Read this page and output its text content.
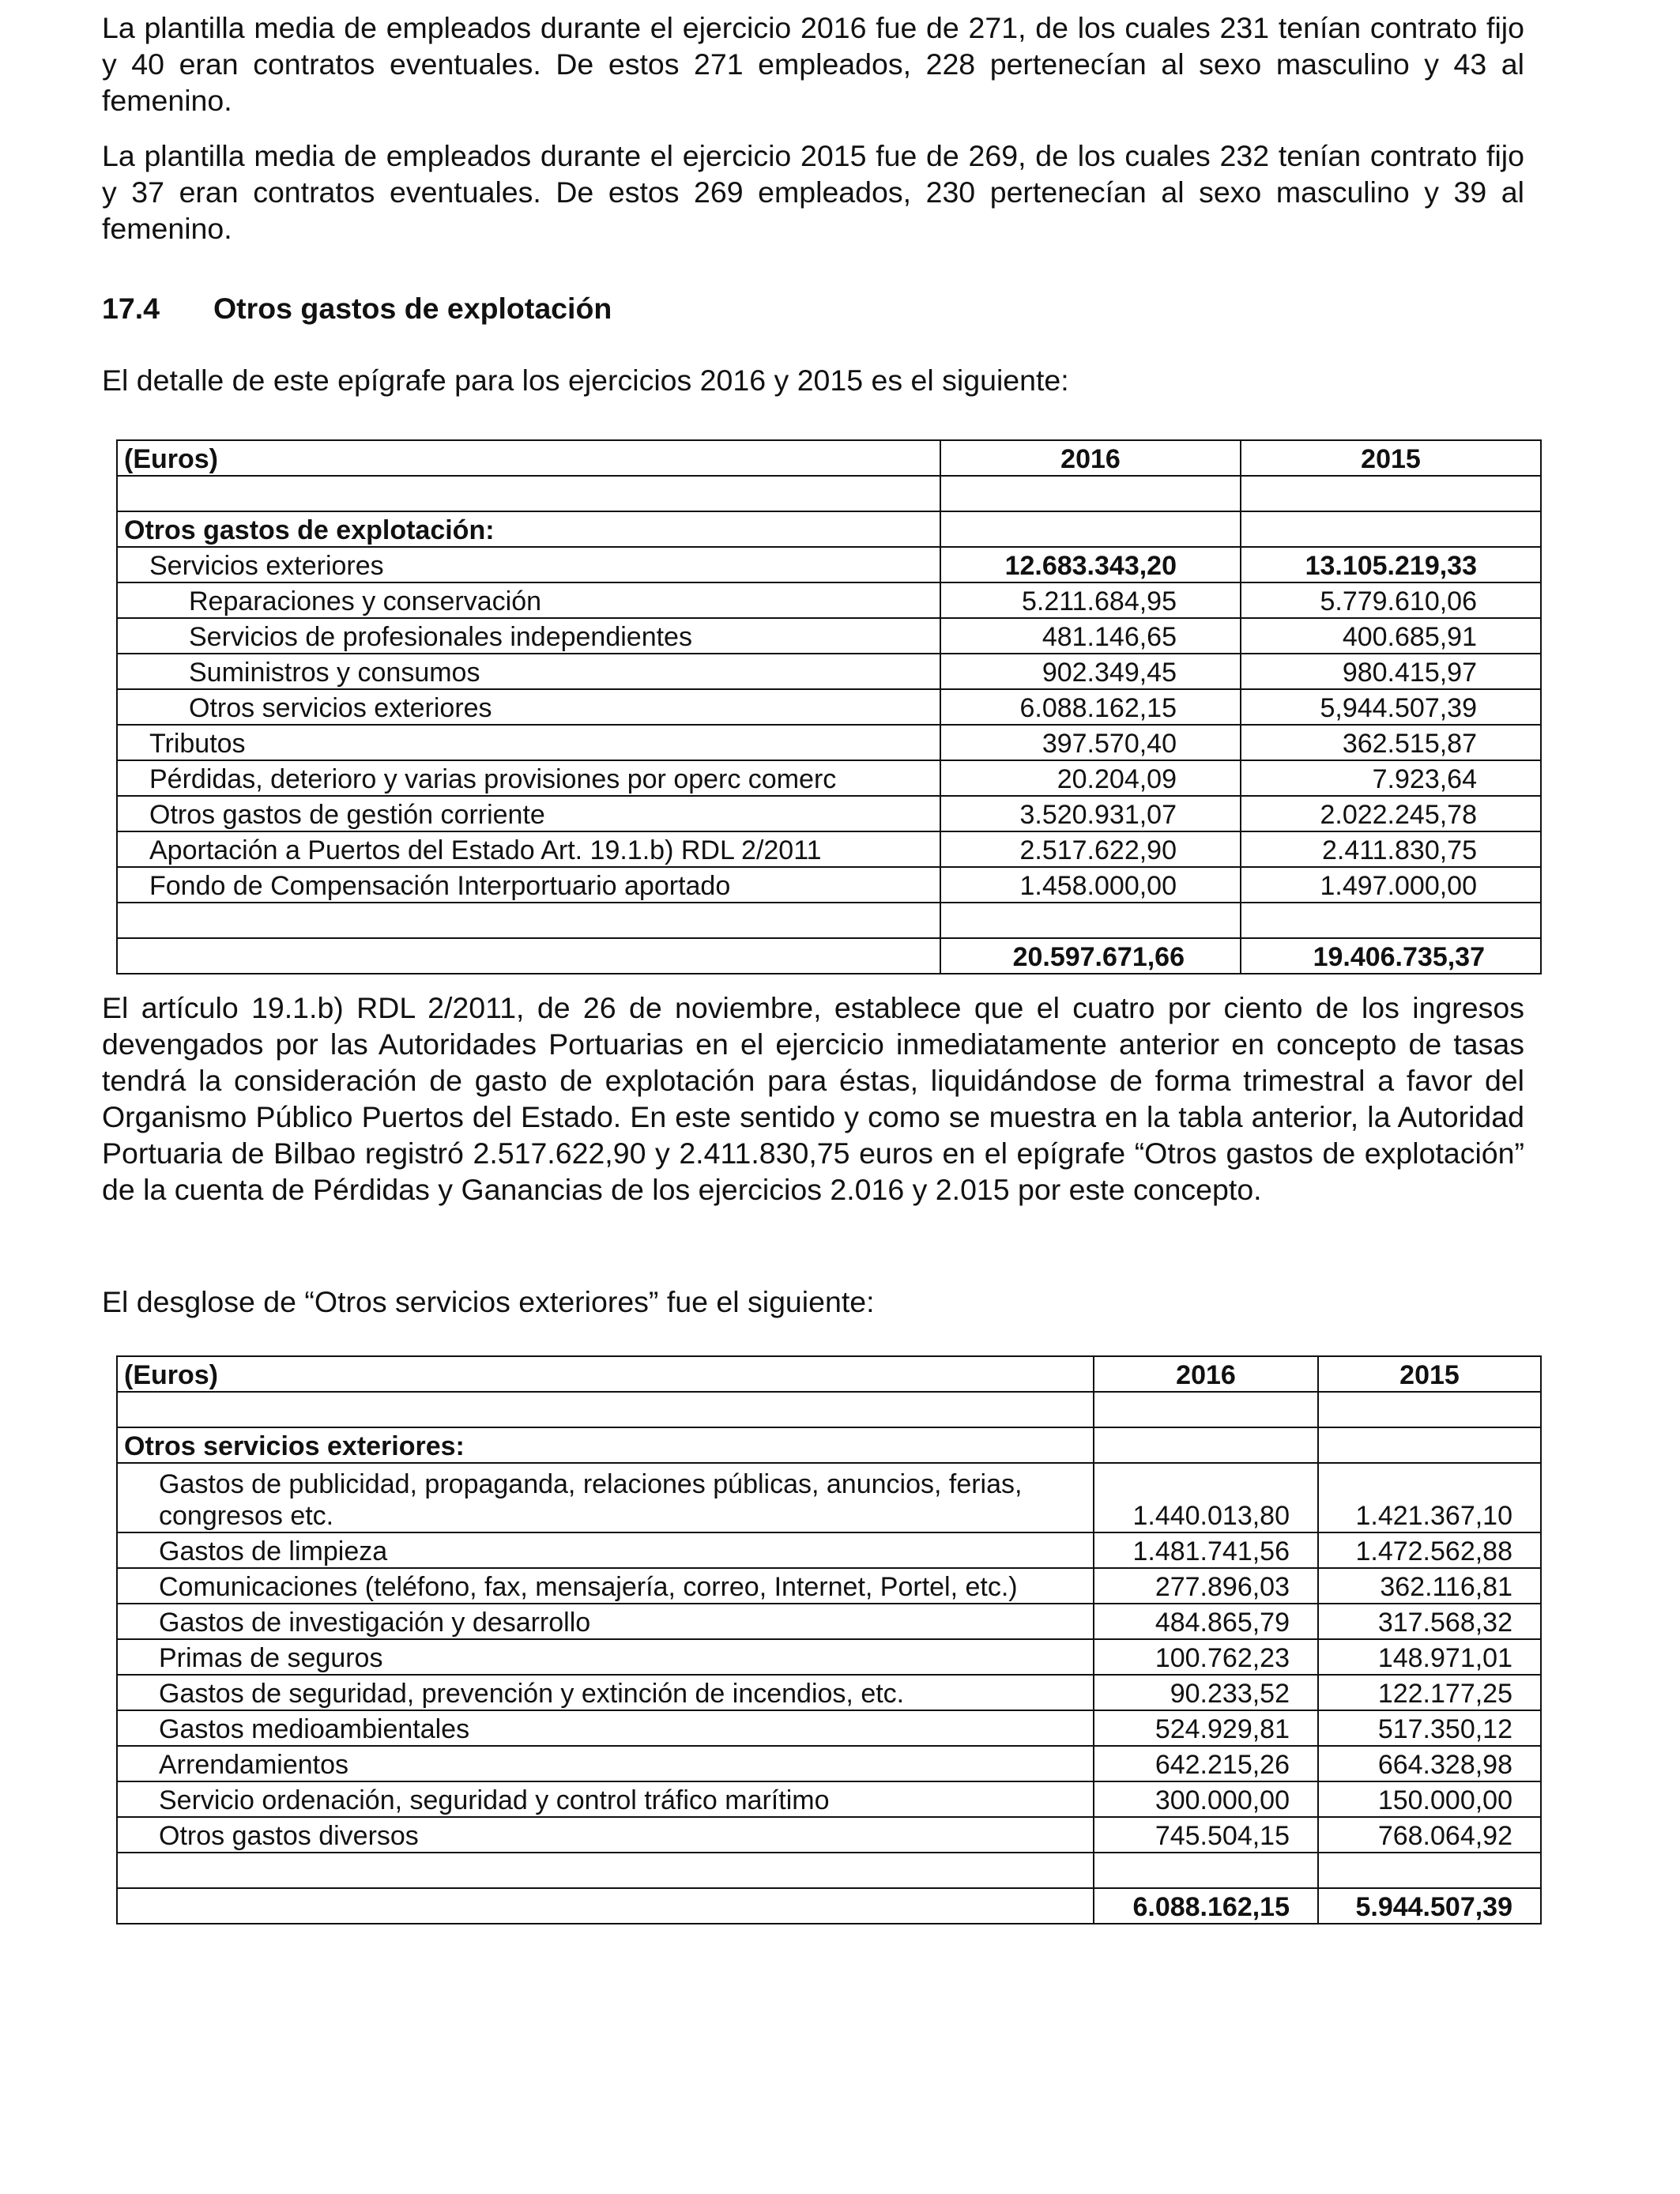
La plantilla media de empleados durante el ejercicio 2016 fue de 271, de los cuales 231 tenían contrato fijo y 40 eran contratos eventuales. De estos 271 empleados, 228 pertenecían al sexo masculino y 43 al femenino.

La plantilla media de empleados durante el ejercicio 2015 fue de 269, de los cuales 232 tenían contrato fijo y 37 eran contratos eventuales. De estos 269 empleados, 230 pertenecían al sexo masculino y 39 al femenino.

17.4 Otros gastos de explotación

El detalle de este epígrafe para los ejercicios 2016 y 2015 es el siguiente:

El artículo 19.1.b) RDL 2/2011, de 26 de noviembre, establece que el cuatro por ciento de los ingresos devengados por las Autoridades Portuarias en el ejercicio inmediatamente anterior en concepto de tasas tendrá la consideración de gasto de explotación para éstas, liquidándose de forma trimestral a favor del Organismo Público Puertos del Estado. En este sentido y como se muestra en la tabla anterior, la Autoridad Portuaria de Bilbao registró 2.517.622,90 y 2.411.830,75 euros en el epígrafe “Otros gastos de explotación” de la cuenta de Pérdidas y Ganancias de los ejercicios 2.016 y 2.015 por este concepto.

El desglose de “Otros servicios exteriores” fue el siguiente:

(Euros)	2016	2015

Otros gastos de explotación:		
Servicios exteriores	12.683.343,20	13.105.219,33
Reparaciones y conservación	5.211.684,95	5.779.610,06
Servicios de profesionales independientes	481.146,65	400.685,91
Suministros y consumos	902.349,45	980.415,97
Otros servicios exteriores	6.088.162,15	5,944.507,39
Tributos	397.570,40	362.515,87
Pérdidas, deterioro y varias provisiones por operc comerc	20.204,09	7.923,64
Otros gastos de gestión corriente	3.520.931,07	2.022.245,78
Aportación a Puertos del Estado Art. 19.1.b) RDL 2/2011	2.517.622,90	2.411.830,75
Fondo de Compensación Interportuario aportado	1.458.000,00	1.497.000,00

	20.597.671,66	19.406.735,37
(Euros)	2016	2015

Otros servicios exteriores:		
Gastos de publicidad, propaganda, relaciones públicas, anuncios, ferias, congresos etc.	1.440.013,80	1.421.367,10
Gastos de limpieza	1.481.741,56	1.472.562,88
Comunicaciones (teléfono, fax, mensajería, correo, Internet, Portel, etc.)	277.896,03	362.116,81
Gastos de investigación y desarrollo	484.865,79	317.568,32
Primas de seguros	100.762,23	148.971,01
Gastos de seguridad, prevención y extinción de incendios, etc.	90.233,52	122.177,25
Gastos medioambientales	524.929,81	517.350,12
Arrendamientos	642.215,26	664.328,98
Servicio ordenación, seguridad y control tráfico marítimo	300.000,00	150.000,00
Otros gastos diversos	745.504,15	768.064,92

	6.088.162,15	5.944.507,39
